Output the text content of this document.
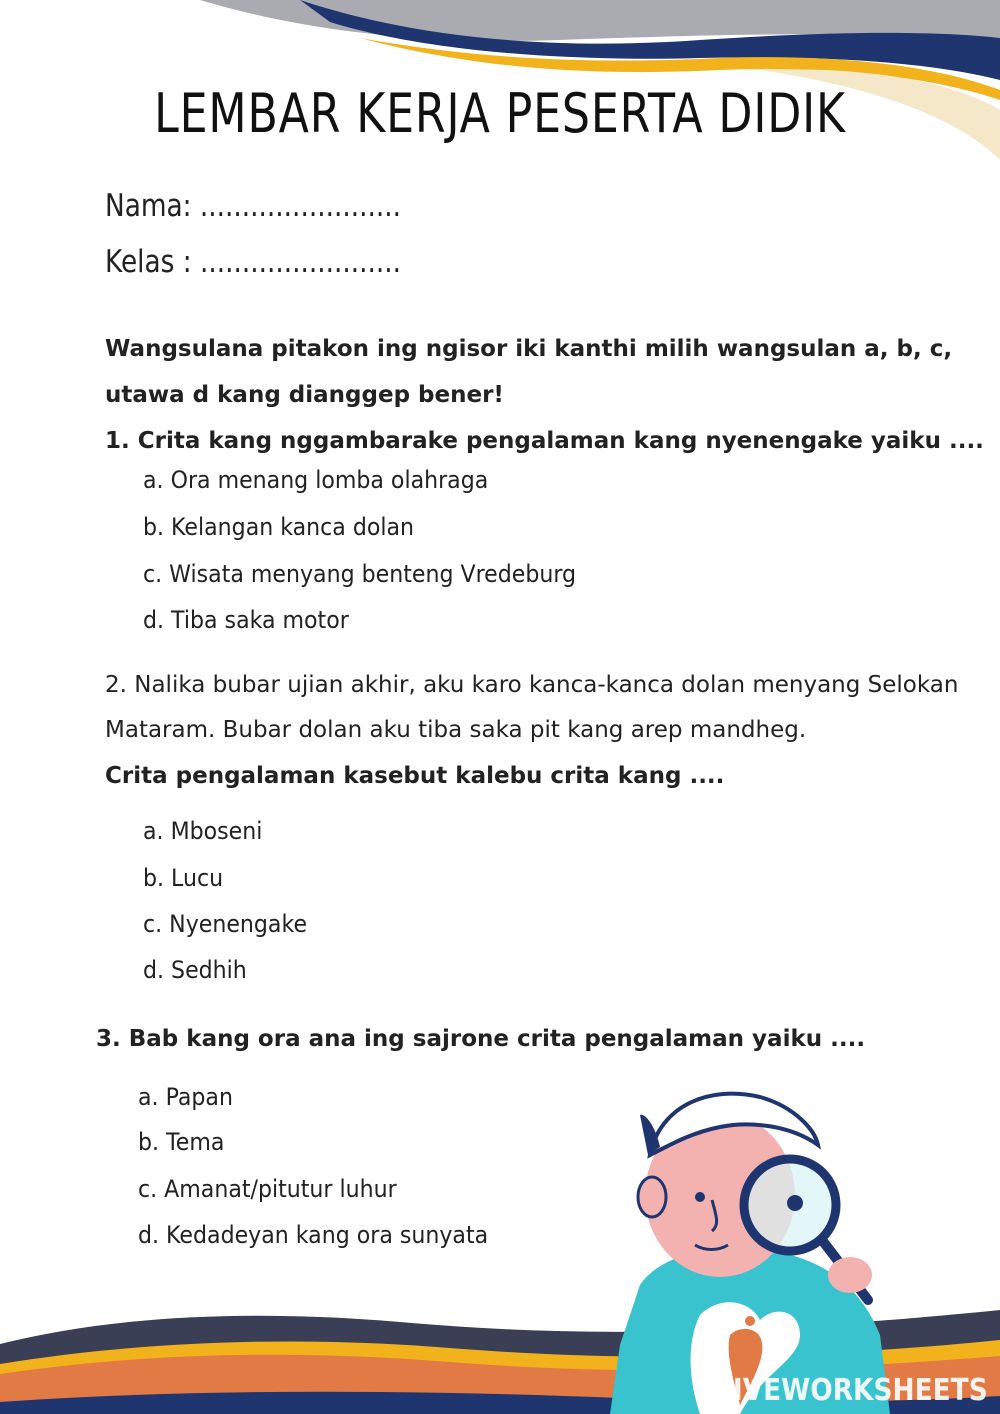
LEMBAR KERJA PESERTA DIDIK
Nama: ........................
Kelas : ........................
Wangsulana pitakon ing ngisor iki kanthi milih wangsulan a, b, c, utawa d kang dianggep bener!
1. Crita kang nggambarake pengalaman kang nyenengake yaiku ....
a. Ora menang lomba olahraga
b. Kelangan kanca dolan
c. Wisata menyang benteng Vredeburg
d. Tiba saka motor
2. Nalika bubar ujian akhir, aku karo kanca-kanca dolan menyang Selokan
Mataram. Bubar dolan aku tiba saka pit kang arep mandheg.
Crita pengalaman kasebut kalebu crita kang ....
a. Mboseni
b. Lucu
c. Nyenengake
d. Sedhih
3. Bab kang ora ana ing sajrone crita pengalaman yaiku ....
a. Papan
b. Tema
c. Amanat/pitutur luhur
d. Kedadeyan kang ora sunyata
LIVEWORKSHEETS
